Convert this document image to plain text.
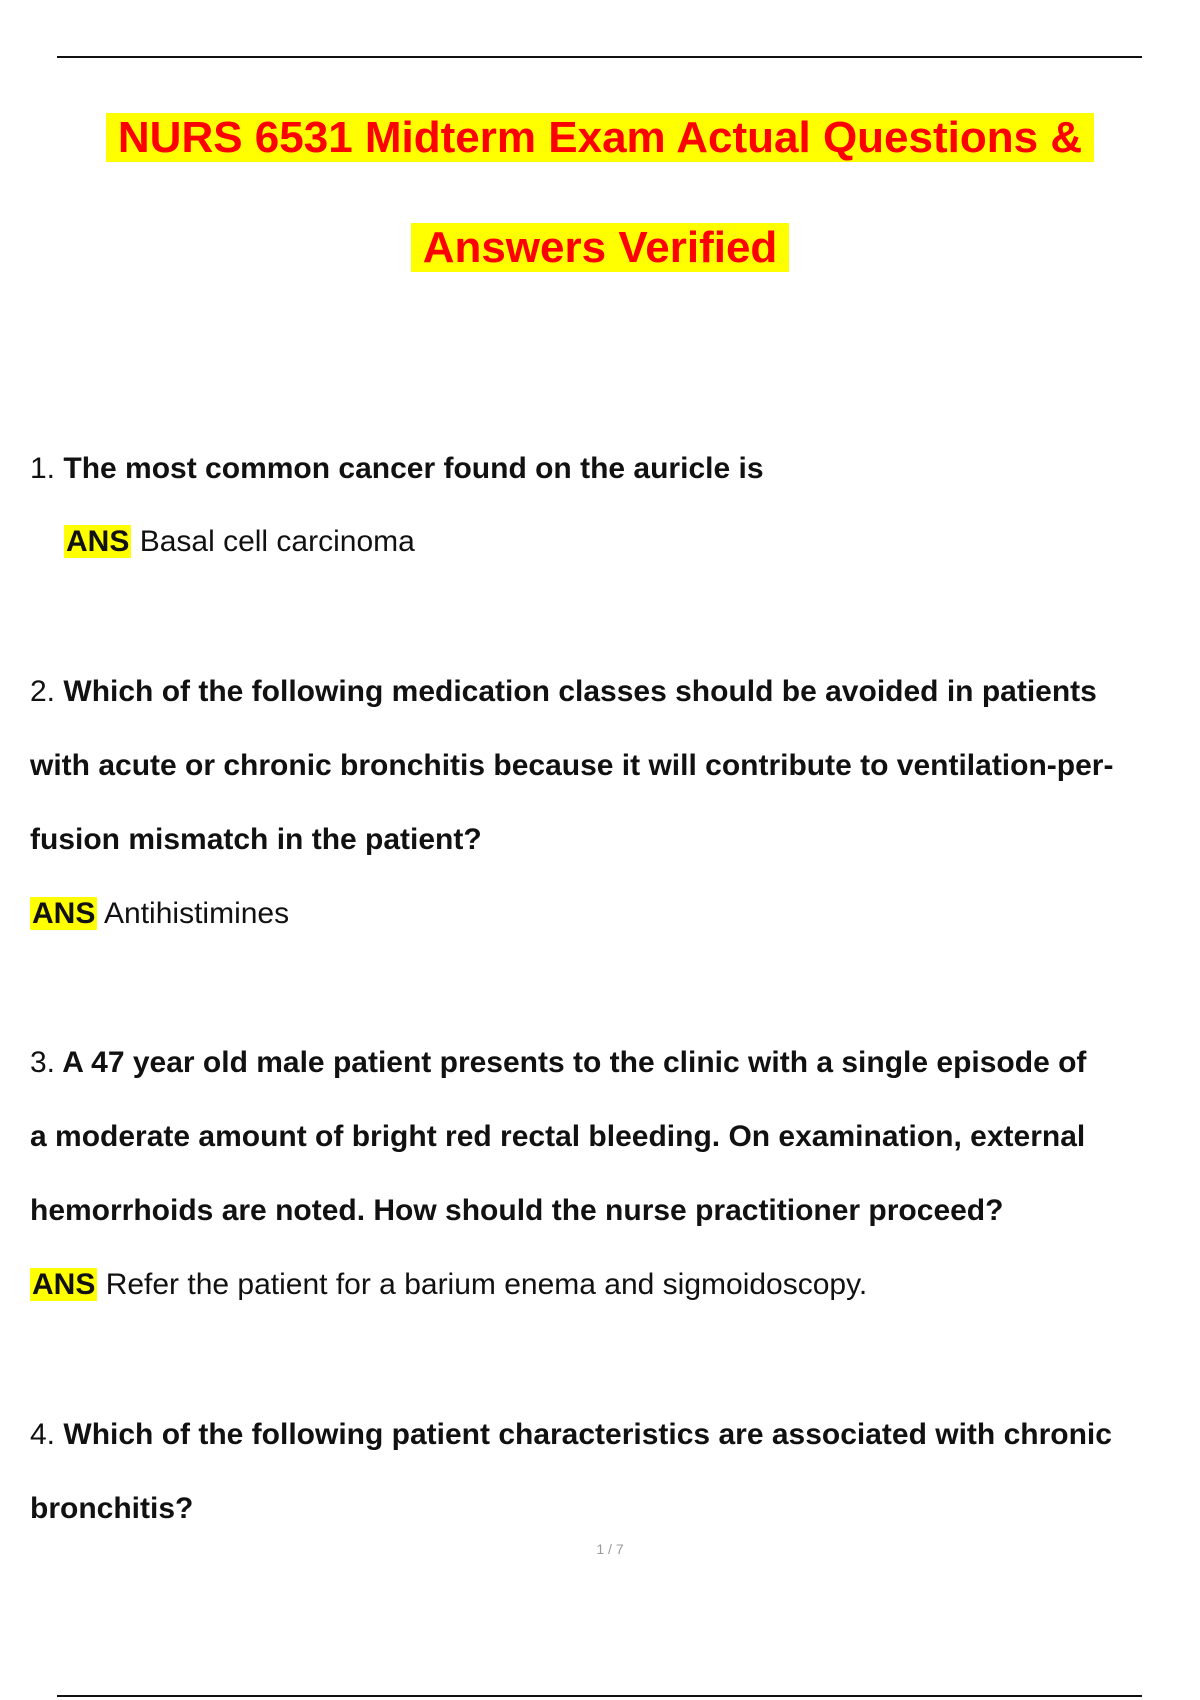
NURS 6531 Midterm Exam Actual Questions &
Answers Verified
1. The most common cancer found on the auricle is
ANS Basal cell carcinoma
2. Which of the following medication classes should be avoided in patients
with acute or chronic bronchitis because it will contribute to ventilation-per-
fusion mismatch in the patient?
ANS Antihistimines
3. A 47 year old male patient presents to the clinic with a single episode of
a moderate amount of bright red rectal bleeding. On examination, external
hemorrhoids are noted. How should the nurse practitioner proceed?
ANS Refer the patient for a barium enema and sigmoidoscopy.
4. Which of the following patient characteristics are associated with chronic
bronchitis?
1 / 7
